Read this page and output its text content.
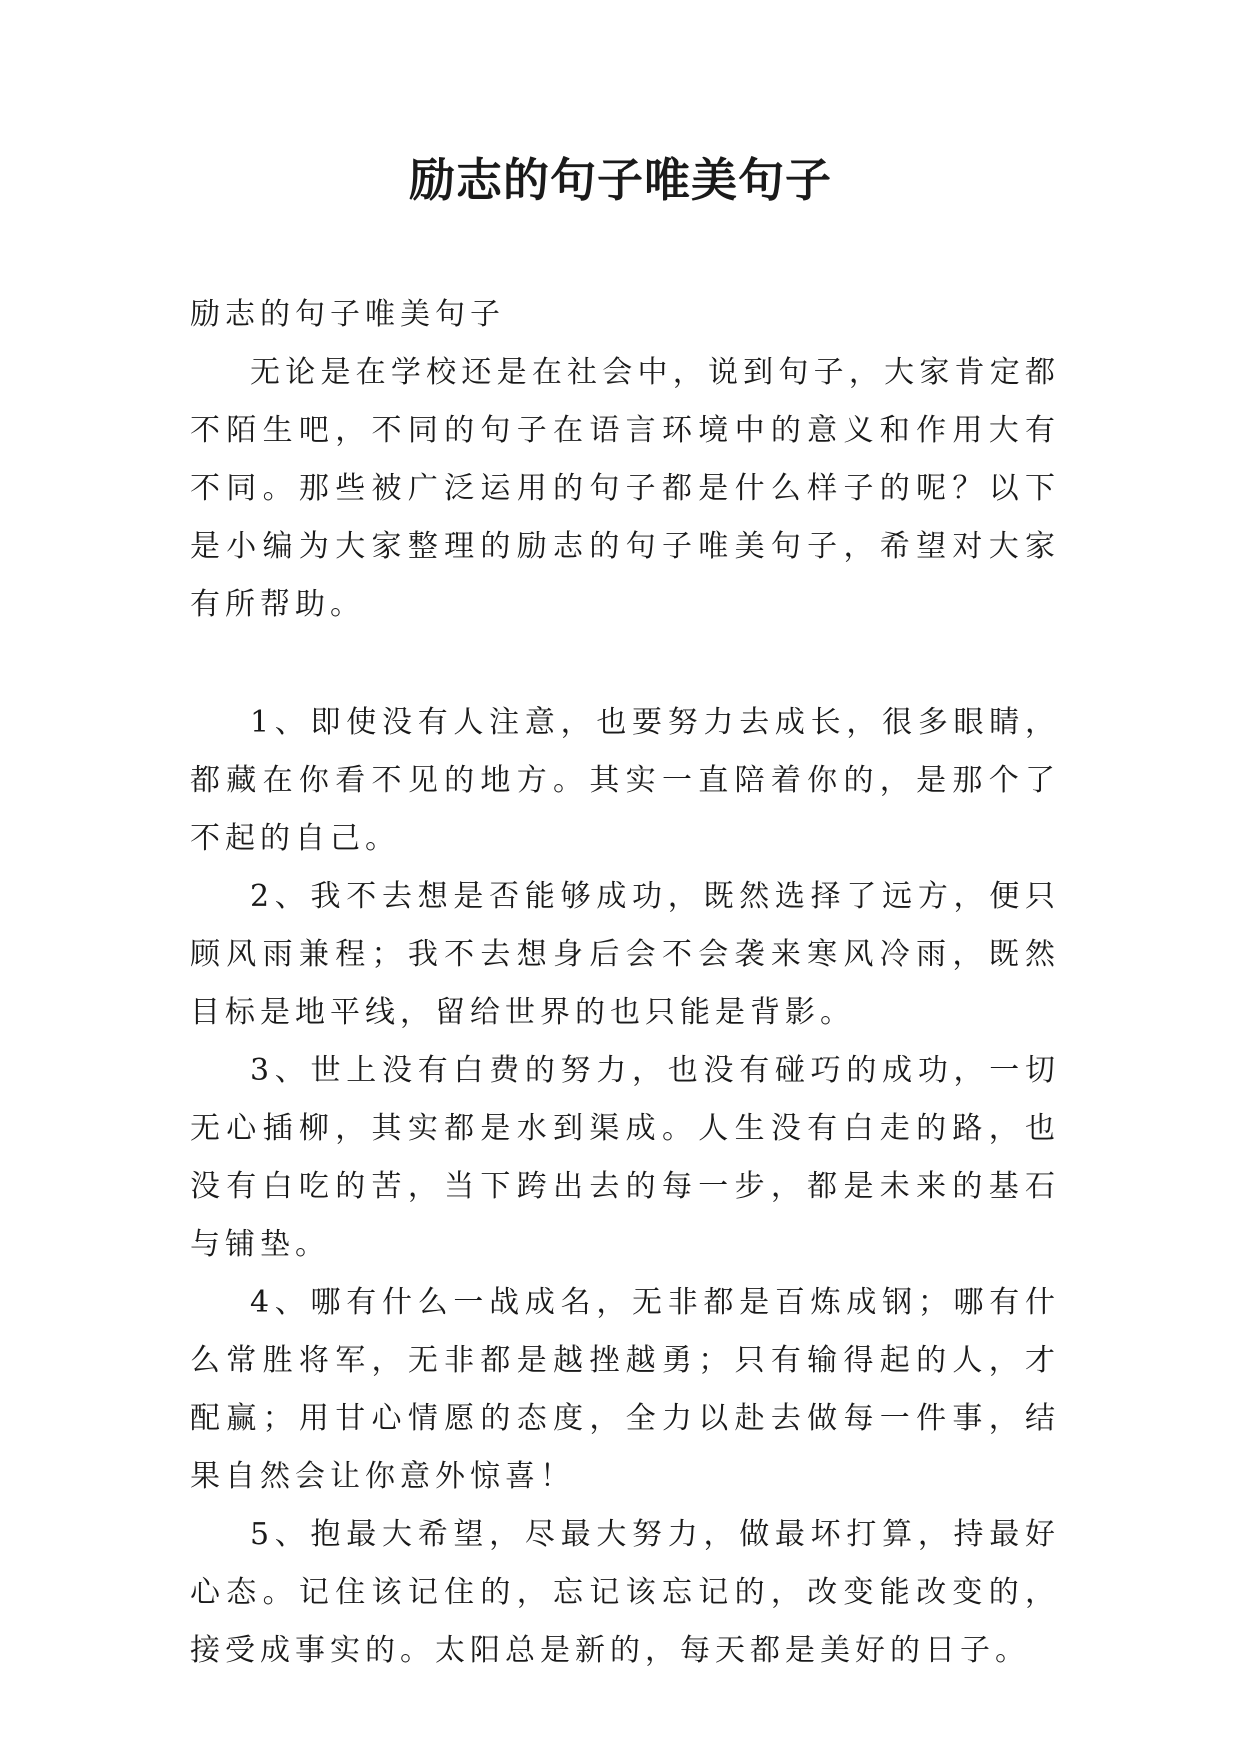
励志的句子唯美句子

励志的句子唯美句子

无论是在学校还是在社会中，说到句子，大家肯定都不陌生吧，不同的句子在语言环境中的意义和作用大有不同。那些被广泛运用的句子都是什么样子的呢？以下是小编为大家整理的励志的句子唯美句子，希望对大家有所帮助。

1、即使没有人注意，也要努力去成长，很多眼睛，都藏在你看不见的地方。其实一直陪着你的，是那个了不起的自己。

2、我不去想是否能够成功，既然选择了远方，便只顾风雨兼程；我不去想身后会不会袭来寒风冷雨，既然目标是地平线，留给世界的也只能是背影。

3、世上没有白费的努力，也没有碰巧的成功，一切无心插柳，其实都是水到渠成。人生没有白走的路，也没有白吃的苦，当下跨出去的每一步，都是未来的基石与铺垫。

4、哪有什么一战成名，无非都是百炼成钢；哪有什么常胜将军，无非都是越挫越勇；只有输得起的人，才配赢；用甘心情愿的态度，全力以赴去做每一件事，结果自然会让你意外惊喜！

5、抱最大希望，尽最大努力，做最坏打算，持最好心态。记住该记住的，忘记该忘记的，改变能改变的，接受成事实的。太阳总是新的，每天都是美好的日子。
